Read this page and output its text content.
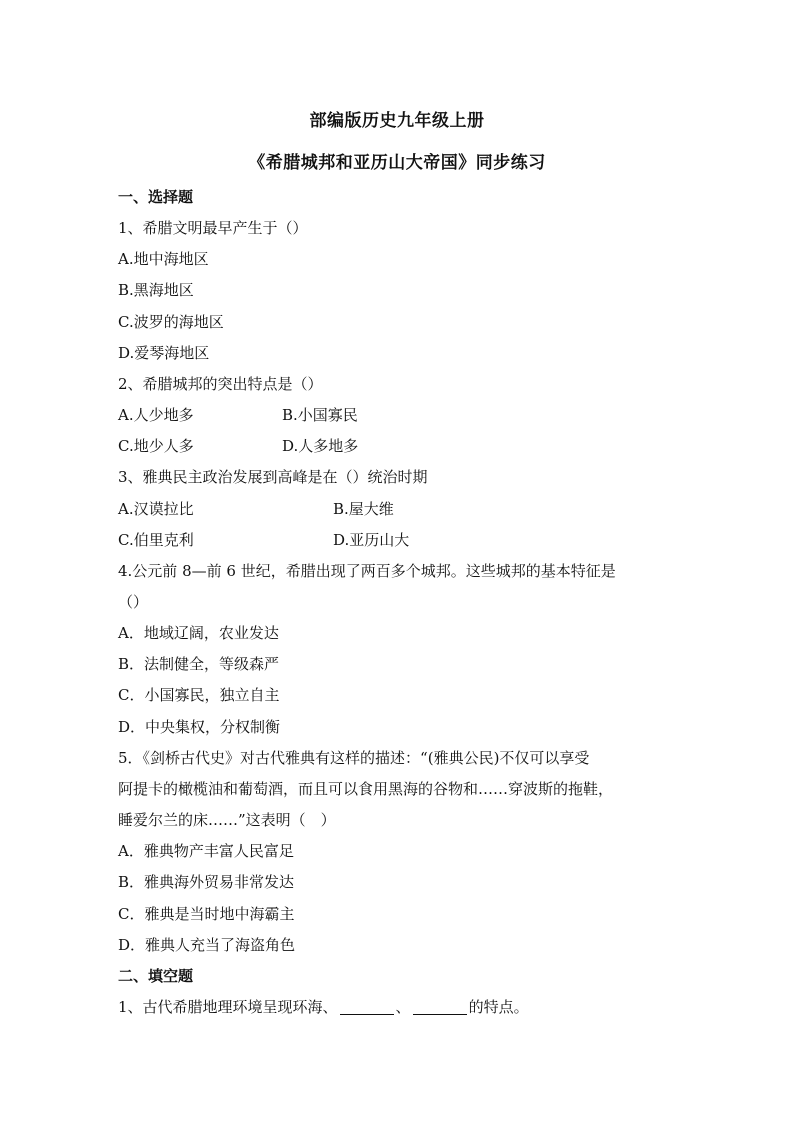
部编版历史九年级上册
《希腊城邦和亚历山大帝国》同步练习
一、选择题
1、希腊文明最早产生于（）
A.地中海地区
B.黑海地区
C.波罗的海地区
D.爱琴海地区
2、希腊城邦的突出特点是（）
A.人少地多	B.小国寡民
C.地少人多	D.人多地多
3、雅典民主政治发展到高峰是在（）统治时期
A.汉谟拉比	B.屋大维
C.伯里克利	D.亚历山大
4.公元前 8—前 6 世纪，希腊出现了两百多个城邦。这些城邦的基本特征是
（）
A．地域辽阔，农业发达
B．法制健全，等级森严
C．小国寡民，独立自主
D．中央集权，分权制衡
5．《剑桥古代史》对古代雅典有这样的描述：“(雅典公民)不仅可以享受
阿提卡的橄榄油和葡萄酒，而且可以食用黑海的谷物和……穿波斯的拖鞋，
睡爱尔兰的床……”这表明（　）
A．雅典物产丰富人民富足
B．雅典海外贸易非常发达
C．雅典是当时地中海霸主
D．雅典人充当了海盗角色
二、填空题
1、古代希腊地理环境呈现环海、	、	的特点。
